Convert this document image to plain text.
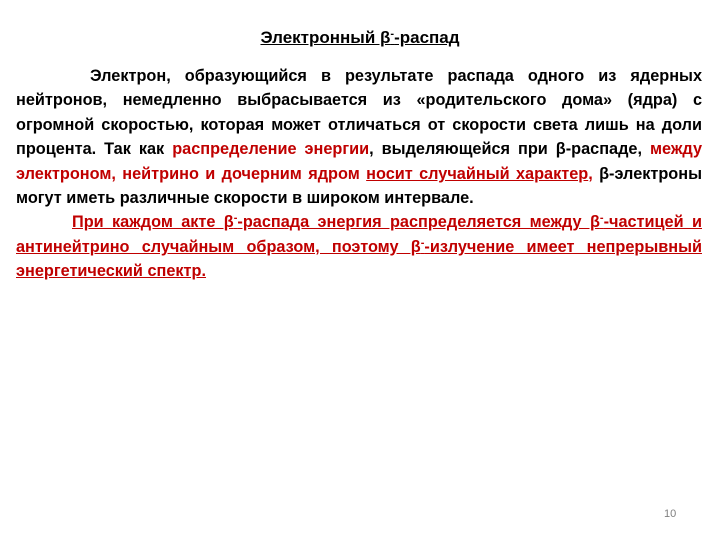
Электронный β--распад

Электрон, образующийся в результате распада одного из ядерных нейтронов, немедленно выбрасывается из «родительского дома» (ядра) с огромной скоростью, которая может отличаться от скорости света лишь на доли процента. Так как распределение энергии, выделяющейся при β-распаде, между электроном, нейтрино и дочерним ядром носит случайный характер, β-электроны могут иметь различные скорости в широком интервале.

При каждом акте β--распада энергия распределяется между β--частицей и антинейтрино случайным образом, поэтому β--излучение имеет непрерывный энергетический спектр.

10
